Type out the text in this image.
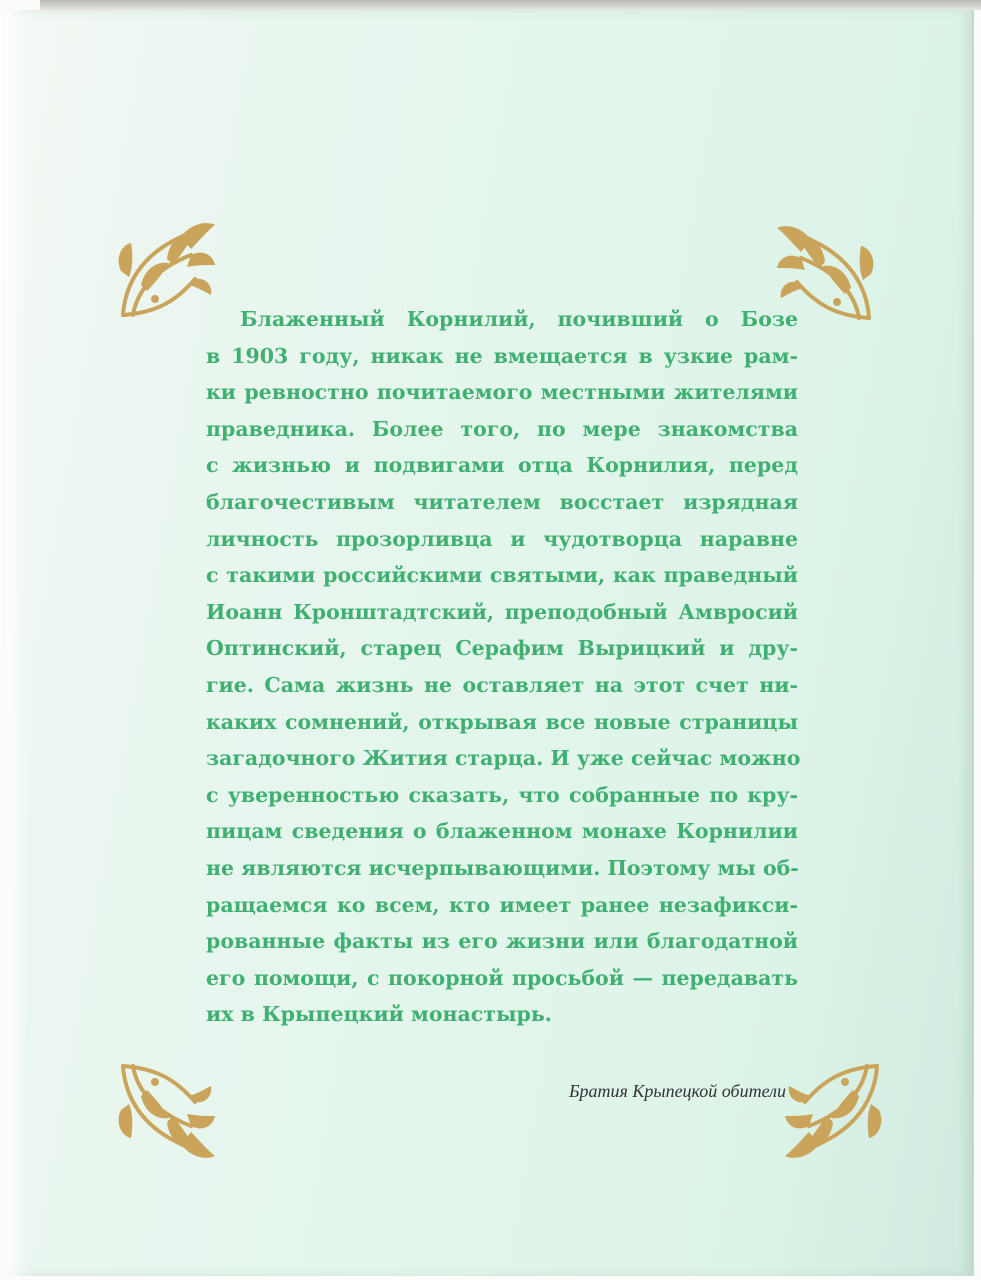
Блаженный Корнилий, почивший о Бозе
в 1903 году, никак не вмещается в узкие рам-
ки ревностно почитаемого местными жителями
праведника. Более того, по мере знакомства
с жизнью и подвигами отца Корнилия, перед
благочестивым читателем восстает изрядная
личность прозорливца и чудотворца наравне
с такими российскими святыми, как праведный
Иоанн Кронштадтский, преподобный Амвросий
Оптинский, старец Серафим Вырицкий и дру-
гие. Сама жизнь не оставляет на этот счет ни-
каких сомнений, открывая все новые страницы
загадочного Жития старца. И уже сейчас можно
с уверенностью сказать, что собранные по кру-
пицам сведения о блаженном монахе Корнилии
не являются исчерпывающими. Поэтому мы об-
ращаемся ко всем, кто имеет ранее незафикси-
рованные факты из его жизни или благодатной
его помощи, с покорной просьбой — передавать
их в Крыпецкий монастырь.

Братия Крыпецкой обители
